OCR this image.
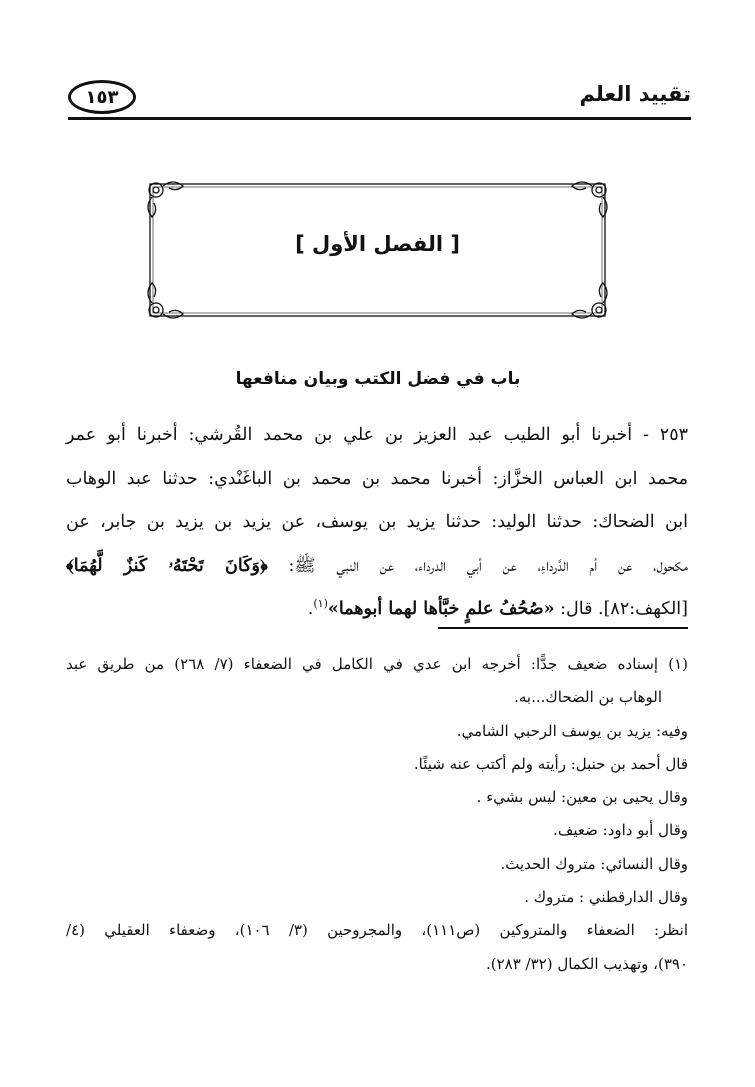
تقييد العلم
١٥٣
[ الفصل الأول ]
باب في فضل الكتب وبيان منافعها
٢٥٣ - أخبرنا أبو الطيب عبد العزيز بن علي بن محمد القُرشي: أخبرنا أبو عمر
محمد ابن العباس الخزَّاز: أخبرنا محمد بن محمد بن الباغَنْدي: حدثنا عبد الوهاب
ابن الضحاك: حدثنا الوليد: حدثنا يزيد بن يوسف، عن يزيد بن يزيد بن جابر، عن
مكحول، عن أم الدَّرداءِ، عن أبي الدرداء، عن النبي ﷺ: ﴿وَكَانَ تَحْتَهُۥ كَنزٌ لَّهُمَا﴾
[الكهف:٨٢]. قال: «صُحُفُ علمٍ خبَّأها لهما أبوهما»$^{(١)}$.
(١) إسناده ضعيف جدًّا: أخرجه ابن عدي في الكامل في الضعفاء (٧/ ٢٦٨) من طريق عبد
الوهاب بن الضحاك...به.
وفيه: يزيد بن يوسف الرحبي الشامي.
قال أحمد بن حنبل: رأيته ولم أكتب عنه شيئًا.
وقال يحيى بن معين: ليس بشيء .
وقال أبو داود: ضعيف.
وقال النسائي: متروك الحديث.
وقال الدارقطني : متروك .
انظر: الضعفاء والمتروكين (ص١١١)، والمجروحين (٣/ ١٠٦)، وضعفاء العقيلي (٤/
٣٩٠)، وتهذيب الكمال (٣٢/ ٢٨٣).
